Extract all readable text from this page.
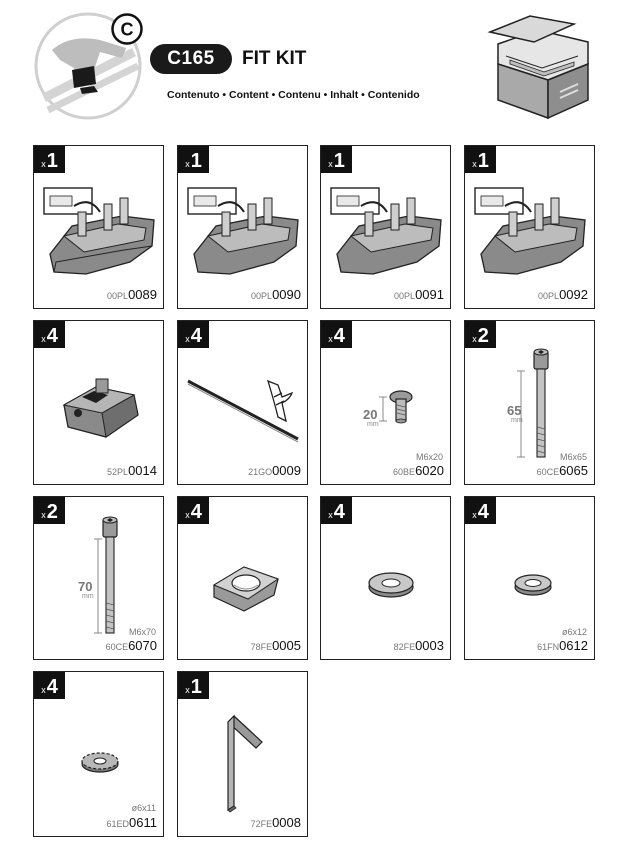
C
C165	FIT KIT
Contenuto • Content • Contenu • Inhalt • Contenido
x 1
00PL0089
x 1
00PL0090
x 1
00PL0091
x 1
00PL0092
x 4
52PL0014
x 4
21GO0009
x 4
20
mm
M6x20
60BE6020
x 2
65
mm
M6x65
60CE6065
x 2
70
mm
M6x70
60CE6070
x 4
78FE0005
x 4
82FE0003
x 4
ø6x12
61FN0612
x 4
ø6x11
61ED0611
x 1
72FE0008
